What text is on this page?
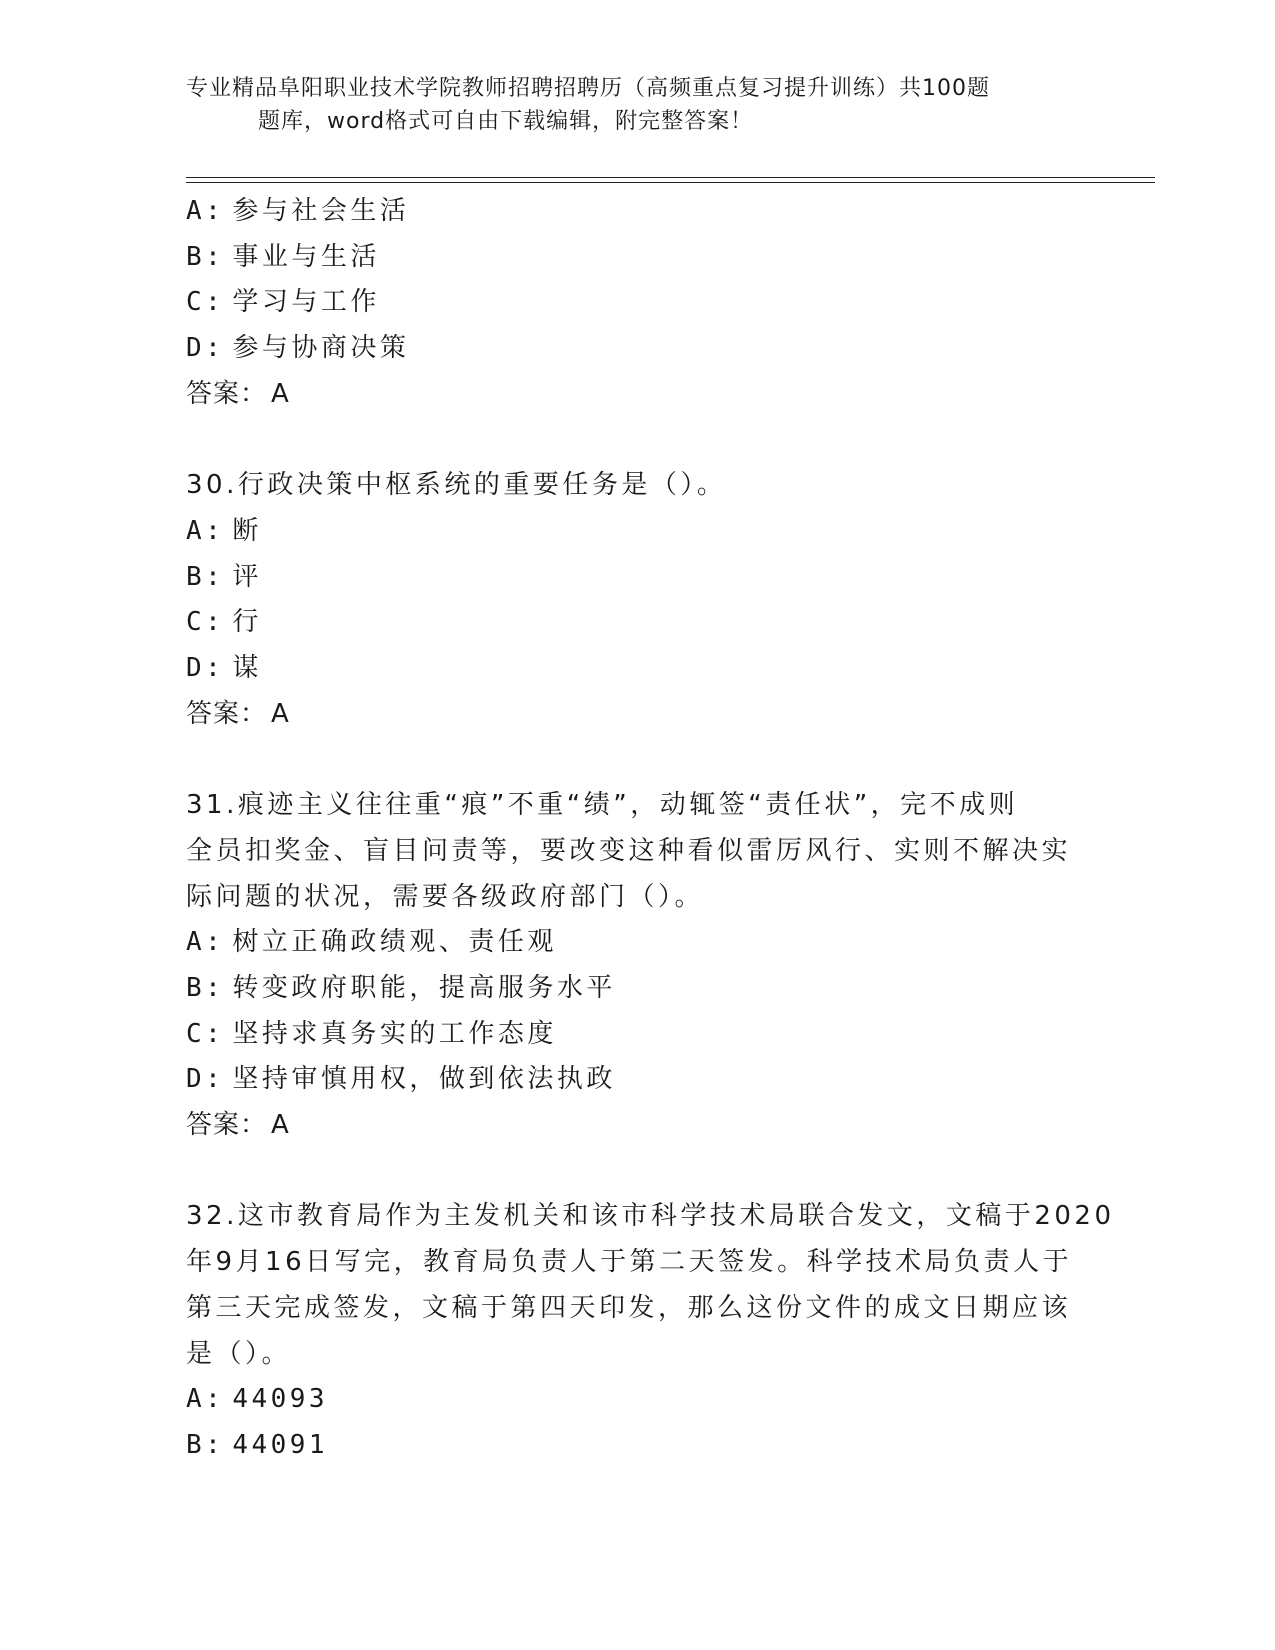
专业精品阜阳职业技术学院教师招聘招聘历（高频重点复习提升训练）共100题
题库，word格式可自由下载编辑，附完整答案！
A: 参与社会生活
B: 事业与生活
C: 学习与工作
D: 参与协商决策
答案： A
30.行政决策中枢系统的重要任务是（）。
A: 断
B: 评
C: 行
D: 谋
答案： A
31.痕迹主义往往重“痕”不重“绩”，动辄签“责任状”，完不成则
全员扣奖金、盲目问责等，要改变这种看似雷厉风行、实则不解决实
际问题的状况，需要各级政府部门（）。
A: 树立正确政绩观、责任观
B: 转变政府职能，提高服务水平
C: 坚持求真务实的工作态度
D: 坚持审慎用权，做到依法执政
答案： A
32.这市教育局作为主发机关和该市科学技术局联合发文，文稿于2020
年9月16日写完，教育局负责人于第二天签发。科学技术局负责人于
第三天完成签发，文稿于第四天印发，那么这份文件的成文日期应该
是（）。
A: 44093
B: 44091
